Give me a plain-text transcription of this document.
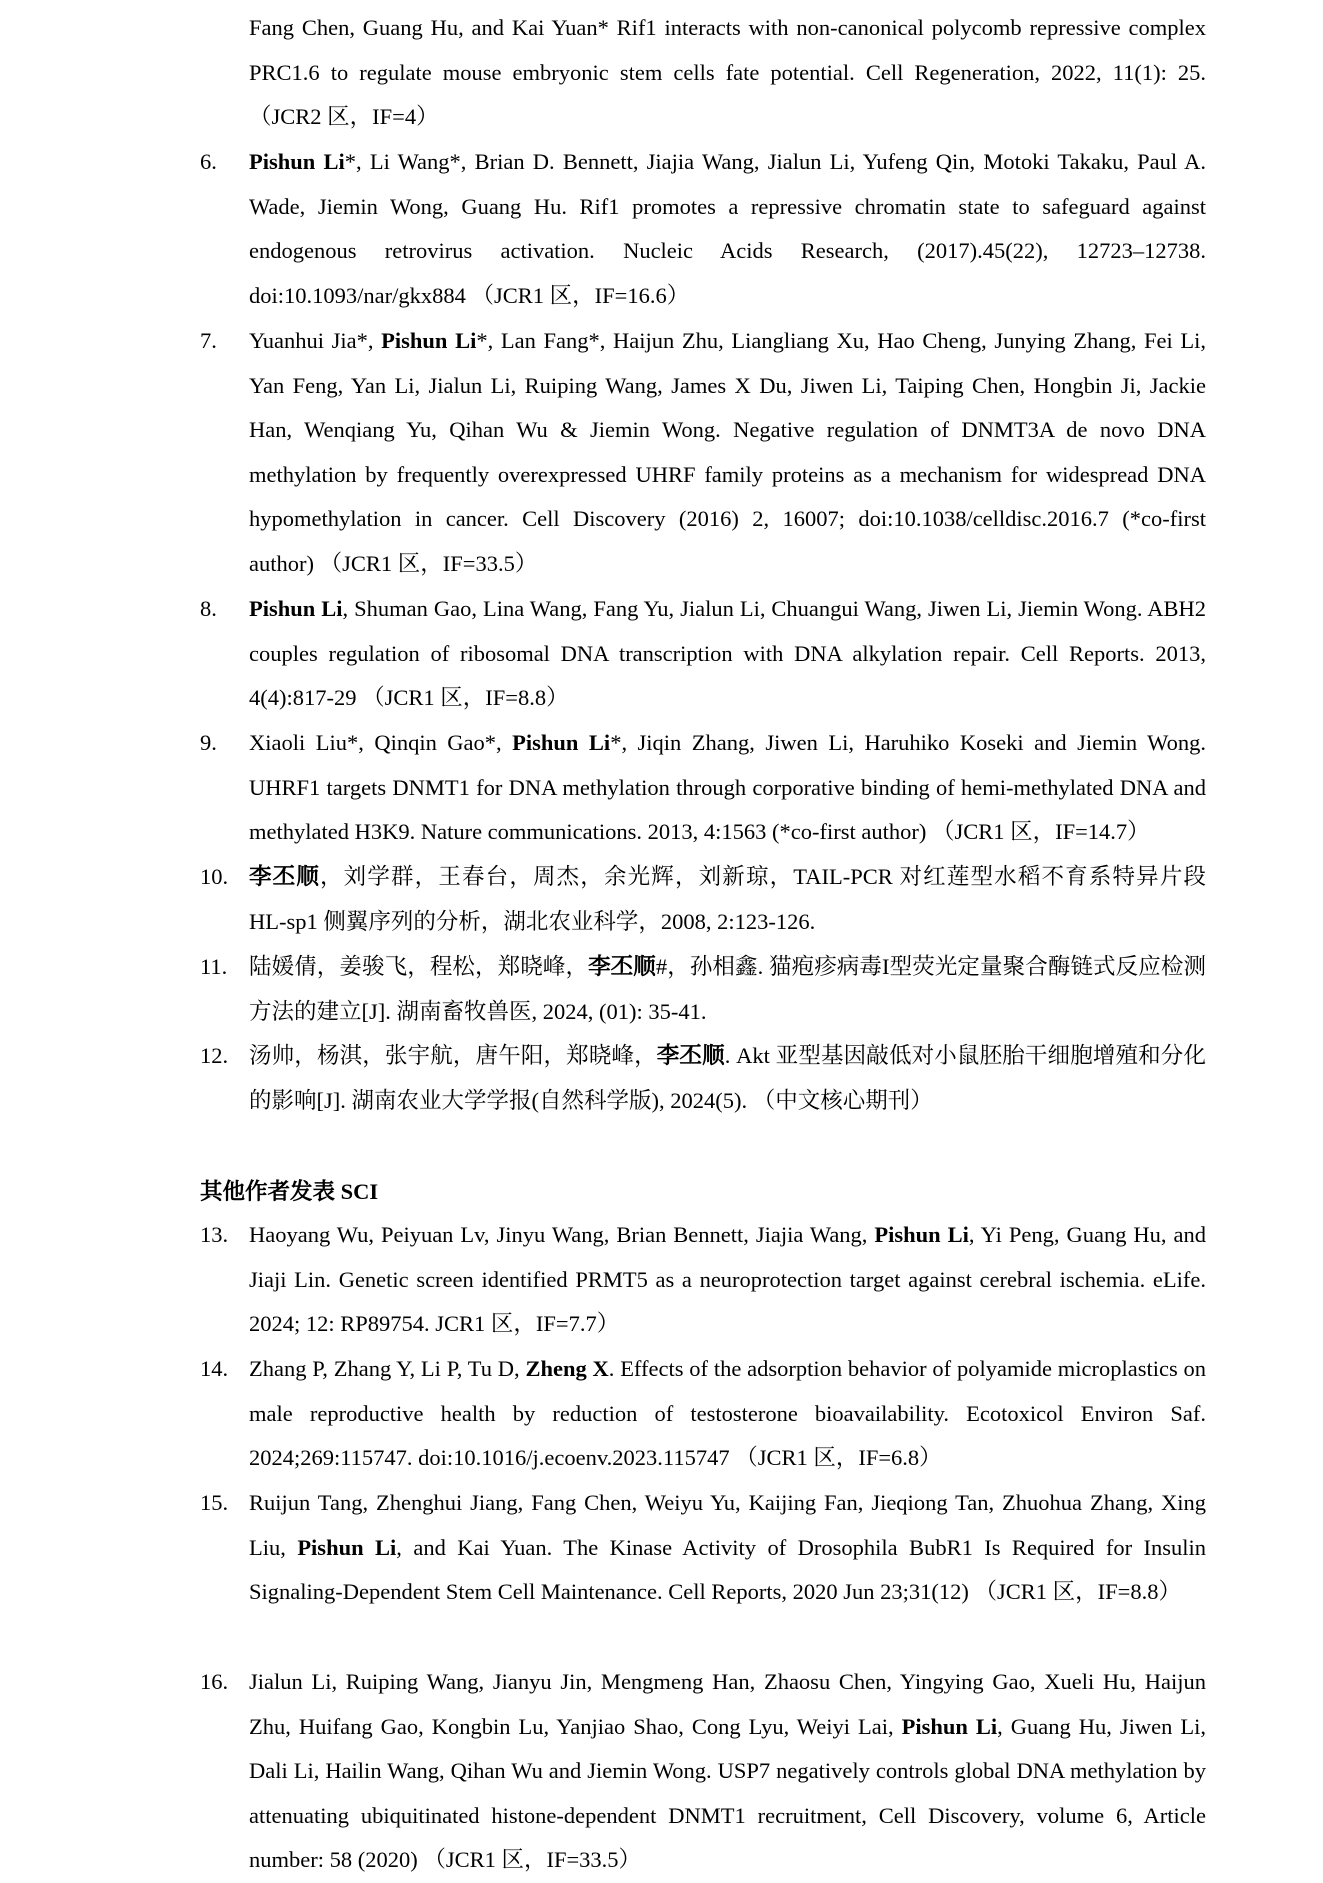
Fang Chen, Guang Hu, and Kai Yuan* Rif1 interacts with non-canonical polycomb repressive complex PRC1.6 to regulate mouse embryonic stem cells fate potential. Cell Regeneration, 2022, 11(1): 25. （JCR2 区，IF=4）
6. Pishun Li*, Li Wang*, Brian D. Bennett, Jiajia Wang, Jialun Li, Yufeng Qin, Motoki Takaku, Paul A. Wade, Jiemin Wong, Guang Hu. Rif1 promotes a repressive chromatin state to safeguard against endogenous retrovirus activation. Nucleic Acids Research, (2017).45(22), 12723–12738. doi:10.1093/nar/gkx884 （JCR1 区，IF=16.6）
7. Yuanhui Jia*, Pishun Li*, Lan Fang*, Haijun Zhu, Liangliang Xu, Hao Cheng, Junying Zhang, Fei Li, Yan Feng, Yan Li, Jialun Li, Ruiping Wang, James X Du, Jiwen Li, Taiping Chen, Hongbin Ji, Jackie Han, Wenqiang Yu, Qihan Wu & Jiemin Wong. Negative regulation of DNMT3A de novo DNA methylation by frequently overexpressed UHRF family proteins as a mechanism for widespread DNA hypomethylation in cancer. Cell Discovery (2016) 2, 16007; doi:10.1038/celldisc.2016.7 (*co-first author) （JCR1 区，IF=33.5）
8. Pishun Li, Shuman Gao, Lina Wang, Fang Yu, Jialun Li, Chuangui Wang, Jiwen Li, Jiemin Wong. ABH2 couples regulation of ribosomal DNA transcription with DNA alkylation repair. Cell Reports. 2013, 4(4):817-29 （JCR1 区，IF=8.8）
9. Xiaoli Liu*, Qinqin Gao*, Pishun Li*, Jiqin Zhang, Jiwen Li, Haruhiko Koseki and Jiemin Wong. UHRF1 targets DNMT1 for DNA methylation through corporative binding of hemi-methylated DNA and methylated H3K9. Nature communications. 2013, 4:1563 (*co-first author) （JCR1 区，IF=14.7）
10. 李丕顺，刘学群，王春台，周杰，余光辉，刘新琼，TAIL-PCR 对红莲型水稻不育系特异片段 HL-sp1 侧翼序列的分析，湖北农业科学，2008, 2:123-126.
11. 陆媛倩，姜骏飞，程松，郑晓峰，李丕顺#，孙相鑫. 猫疱疹病毒I型荧光定量聚合酶链式反应检测方法的建立[J]. 湖南畜牧兽医, 2024, (01): 35-41.
12. 汤帅，杨淇，张宇航，唐午阳，郑晓峰，李丕顺. Akt 亚型基因敲低对小鼠胚胎干细胞增殖和分化的影响[J]. 湖南农业大学学报(自然科学版), 2024(5). （中文核心期刊）
其他作者发表 SCI
13. Haoyang Wu, Peiyuan Lv, Jinyu Wang, Brian Bennett, Jiajia Wang, Pishun Li, Yi Peng, Guang Hu, and Jiaji Lin. Genetic screen identified PRMT5 as a neuroprotection target against cerebral ischemia. eLife. 2024; 12: RP89754. JCR1 区，IF=7.7）
14. Zhang P, Zhang Y, Li P, Tu D, Zheng X. Effects of the adsorption behavior of polyamide microplastics on male reproductive health by reduction of testosterone bioavailability. Ecotoxicol Environ Saf. 2024;269:115747. doi:10.1016/j.ecoenv.2023.115747 （JCR1 区，IF=6.8）
15. Ruijun Tang, Zhenghui Jiang, Fang Chen, Weiyu Yu, Kaijing Fan, Jieqiong Tan, Zhuohua Zhang, Xing Liu, Pishun Li, and Kai Yuan. The Kinase Activity of Drosophila BubR1 Is Required for Insulin Signaling-Dependent Stem Cell Maintenance. Cell Reports, 2020 Jun 23;31(12) （JCR1 区，IF=8.8）
16. Jialun Li, Ruiping Wang, Jianyu Jin, Mengmeng Han, Zhaosu Chen, Yingying Gao, Xueli Hu, Haijun Zhu, Huifang Gao, Kongbin Lu, Yanjiao Shao, Cong Lyu, Weiyi Lai, Pishun Li, Guang Hu, Jiwen Li, Dali Li, Hailin Wang, Qihan Wu and Jiemin Wong. USP7 negatively controls global DNA methylation by attenuating ubiquitinated histone-dependent DNMT1 recruitment, Cell Discovery, volume 6, Article number: 58 (2020) （JCR1 区，IF=33.5）
